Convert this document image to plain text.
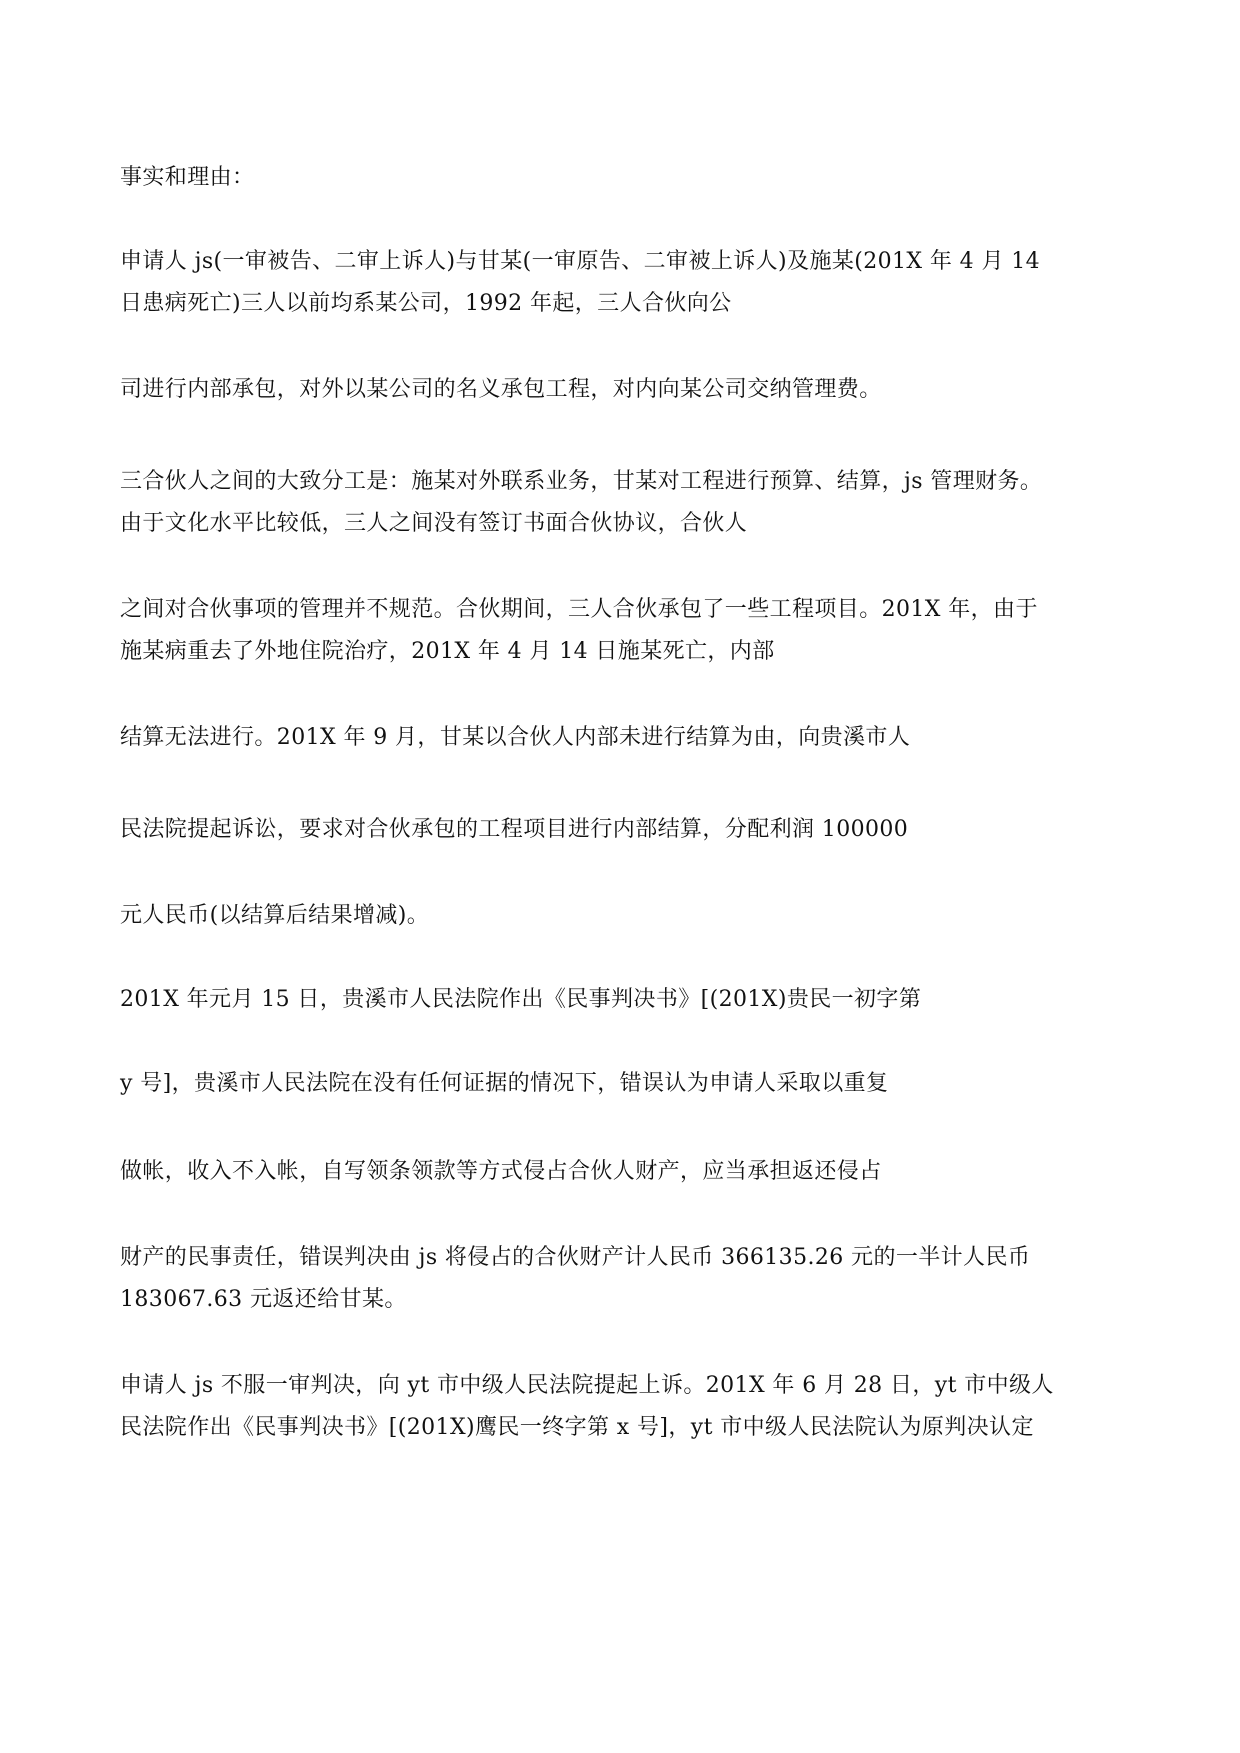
事实和理由：
申请人 js(一审被告、二审上诉人)与甘某(一审原告、二审被上诉人)及施某(201X 年 4 月 14
日患病死亡)三人以前均系某公司，1992 年起，三人合伙向公
司进行内部承包，对外以某公司的名义承包工程，对内向某公司交纳管理费。
三合伙人之间的大致分工是：施某对外联系业务，甘某对工程进行预算、结算，js 管理财务。
由于文化水平比较低，三人之间没有签订书面合伙协议，合伙人
之间对合伙事项的管理并不规范。合伙期间，三人合伙承包了一些工程项目。201X 年，由于
施某病重去了外地住院治疗，201X 年 4 月 14 日施某死亡，内部
结算无法进行。201X 年 9 月，甘某以合伙人内部未进行结算为由，向贵溪市人
民法院提起诉讼，要求对合伙承包的工程项目进行内部结算，分配利润 100000
元人民币(以结算后结果增减)。
201X 年元月 15 日，贵溪市人民法院作出《民事判决书》[(201X)贵民一初字第
y 号]，贵溪市人民法院在没有任何证据的情况下，错误认为申请人采取以重复
做帐，收入不入帐，自写领条领款等方式侵占合伙人财产，应当承担返还侵占
财产的民事责任，错误判决由 js 将侵占的合伙财产计人民币 366135.26 元的一半计人民币
183067.63 元返还给甘某。
申请人 js 不服一审判决，向 yt 市中级人民法院提起上诉。201X 年 6 月 28 日，yt 市中级人
民法院作出《民事判决书》[(201X)鹰民一终字第 x 号]，yt 市中级人民法院认为原判决认定
